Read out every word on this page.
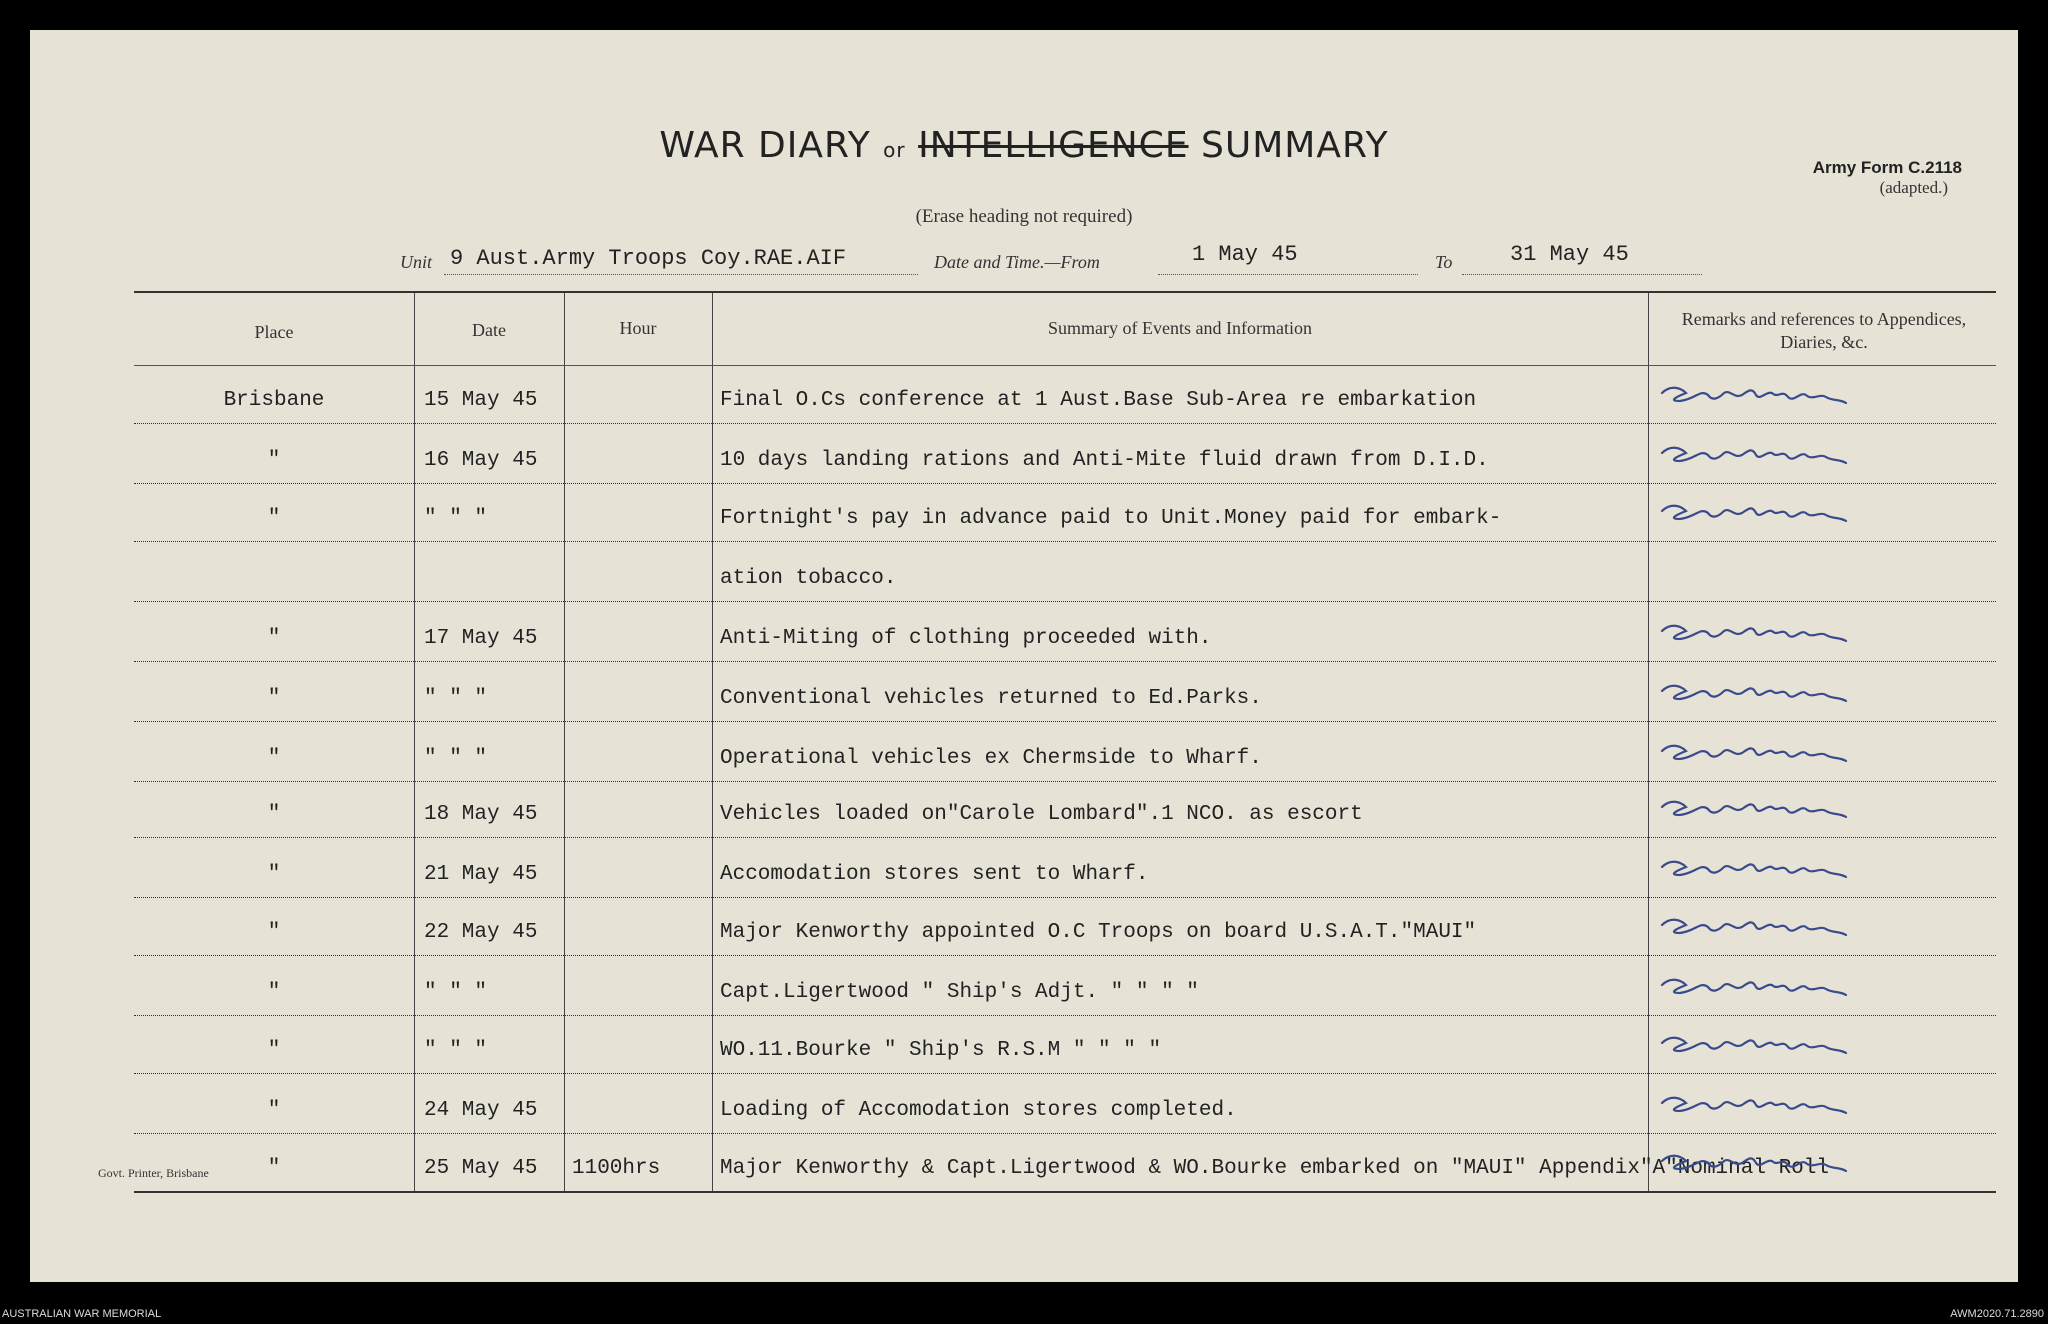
WAR DIARY or INTELLIGENCE SUMMARY
(Erase heading not required)
Army Form C.2118
(adapted.)
Unit 9 Aust.Army Troops Coy.RAE.AIF	Date and Time.—From	1 May 45	To	31 May 45
Place	Date	Hour	Summary of Events and Information	Remarks and references to Appendices, Diaries, &c.
Brisbane	15 May 45	Final O.Cs conference at 1 Aust.Base Sub-Area re embarkation
"	16 May 45	10 days landing rations and Anti-Mite fluid drawn from D.I.D.
"	" " "	Fortnight's pay in advance paid to Unit.Money paid for embark-
ation tobacco.
"	17 May 45	Anti-Miting of clothing proceeded with.
"	" " "	Conventional vehicles returned to Ed.Parks.
"	" " "	Operational vehicles ex Chermside to Wharf.
"	18 May 45	Vehicles loaded on"Carole Lombard".1 NCO. as escort
"	21 May 45	Accomodation stores sent to Wharf.
"	22 May 45	Major Kenworthy appointed O.C Troops on board U.S.A.T."MAUI"
"	" " "	Capt.Ligertwood " Ship's Adjt. " " " "
"	" " "	WO.11.Bourke " Ship's R.S.M " " " "
"	24 May 45	Loading of Accomodation stores completed.
"	25 May 45 1100hrs	Major Kenworthy & Capt.Ligertwood & WO.Bourke embarked on "MAUI" Appendix"A"Nominal Roll
Govt. Printer, Brisbane
AUSTRALIAN WAR MEMORIAL	AWM2020.71.2890
